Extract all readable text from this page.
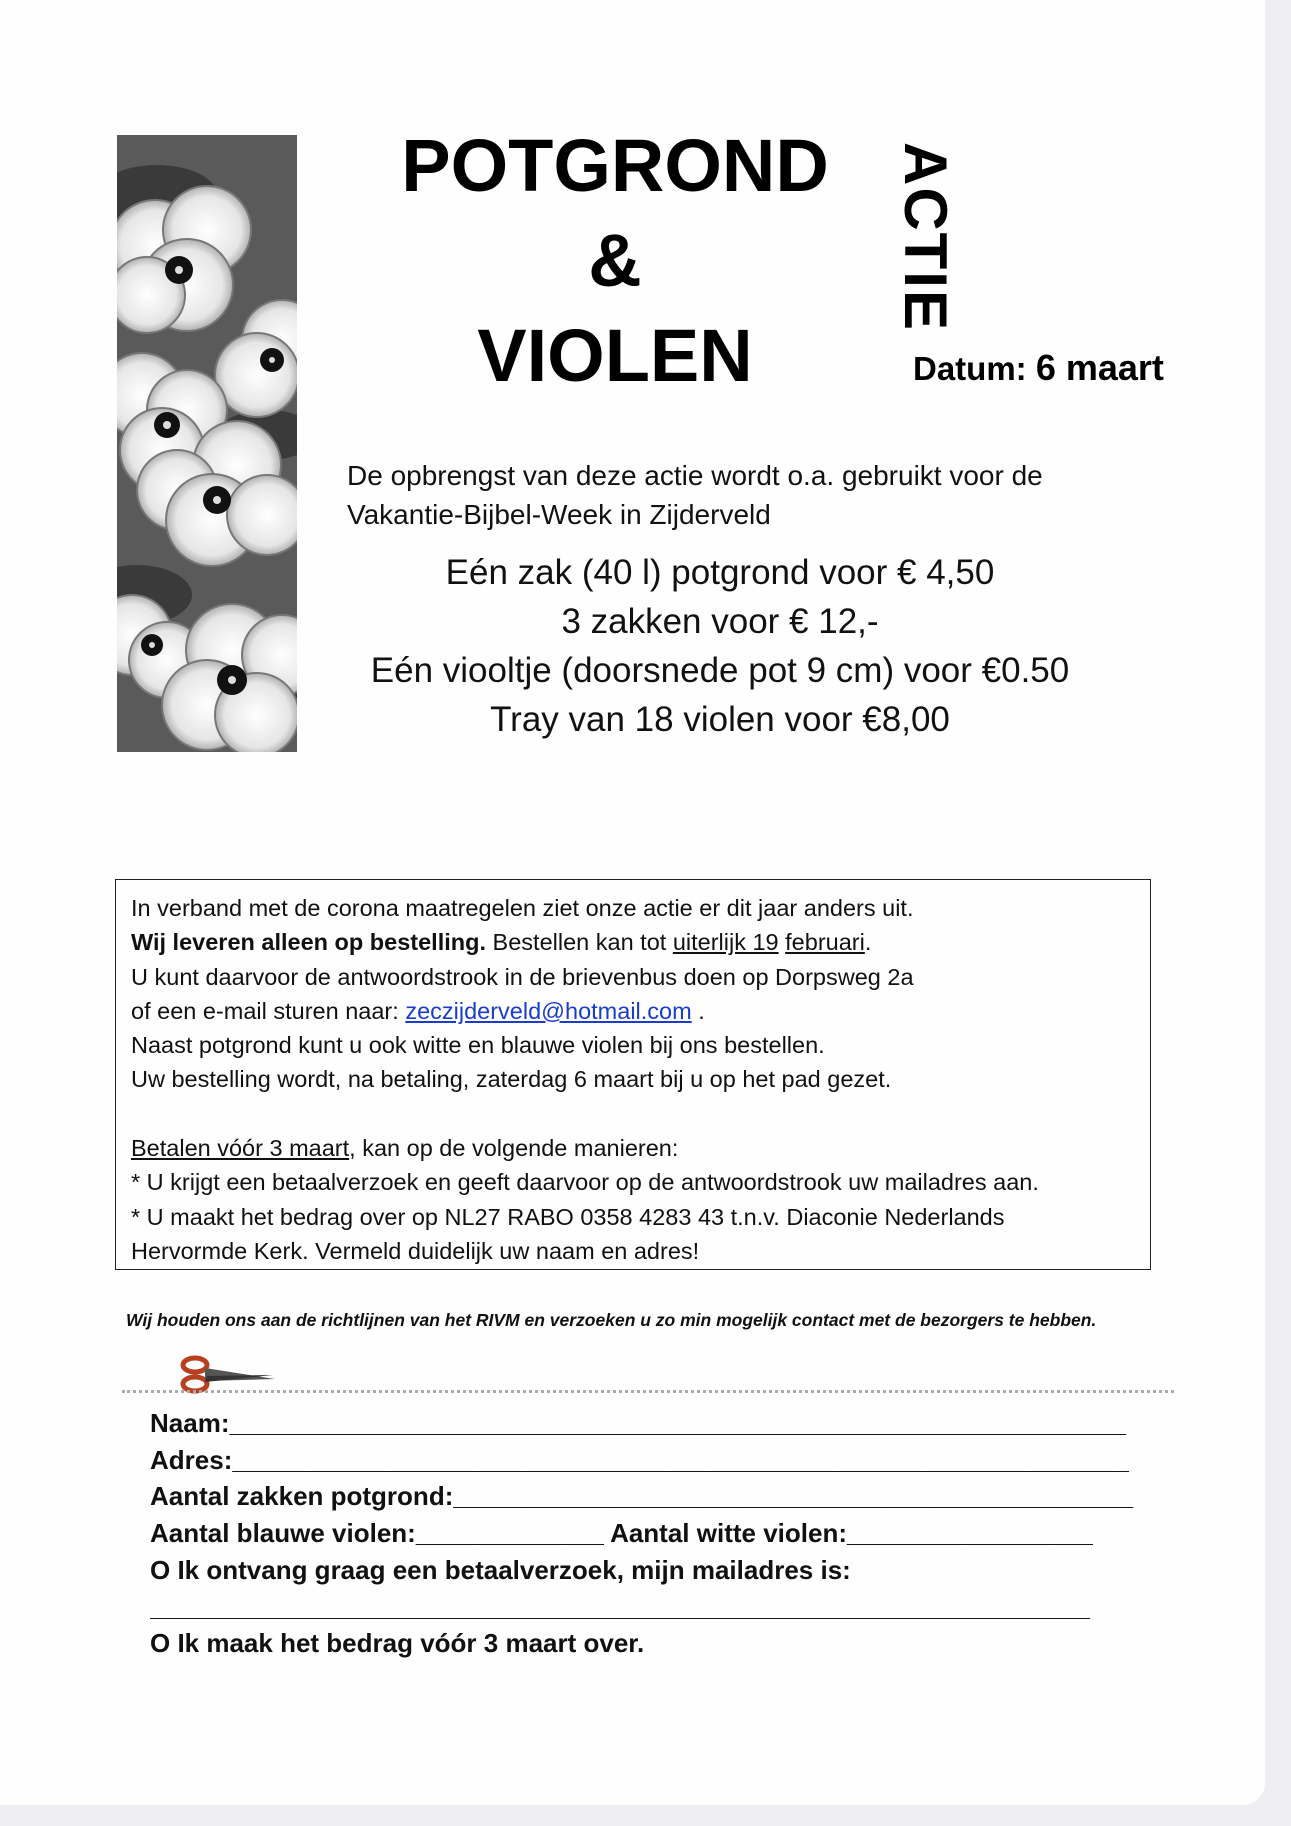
POTGROND
&
VIOLEN
ACTIE
Datum: 6 maart
De opbrengst van deze actie wordt o.a. gebruikt voor de
Vakantie-Bijbel-Week in Zijderveld
Eén zak (40 l) potgrond voor € 4,50
3 zakken voor € 12,-
Eén viooltje (doorsnede pot 9 cm) voor €0.50
Tray van 18 violen voor €8,00
In verband met de corona maatregelen ziet onze actie er dit jaar anders uit.
Wij leveren alleen op bestelling. Bestellen kan tot uiterlijk 19 februari.
U kunt daarvoor de antwoordstrook in de brievenbus doen op Dorpsweg 2a
of een e-mail sturen naar: zeczijderveld@hotmail.com .
Naast potgrond kunt u ook witte en blauwe violen bij ons bestellen.
Uw bestelling wordt, na betaling, zaterdag 6 maart bij u op het pad gezet.

Betalen vóór 3 maart, kan op de volgende manieren:
* U krijgt een betaalverzoek en geeft daarvoor op de antwoordstrook uw mailadres aan.
* U maakt het bedrag over op NL27 RABO 0358 4283 43 t.n.v. Diaconie Nederlands
Hervormde Kerk. Vermeld duidelijk uw naam en adres!
Wij houden ons aan de richtlijnen van het RIVM en verzoeken u zo min mogelijk contact met de bezorgers te hebben.
Naam:______________________________________________________________
Adres:______________________________________________________________
Aantal zakken potgrond:_______________________________________________
Aantal blauwe violen:_____________ Aantal witte violen:_________________
O Ik ontvang graag een betaalverzoek, mijn mailadres is:
_________________________________________________________________
O Ik maak het bedrag vóór 3 maart over.
